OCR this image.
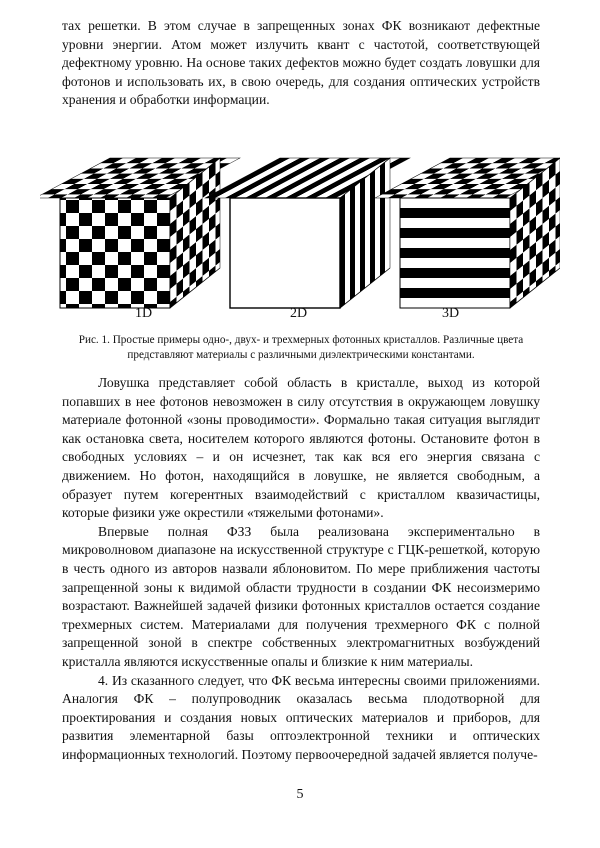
тах решетки. В этом случае в запрещенных зонах ФК возникают дефектные уровни энергии. Атом может излучить квант с частотой, соответствующей дефектному уровню. На основе таких дефектов можно будет создать ловушки для фотонов и использовать их, в свою очередь, для создания оптических устройств хранения и обработки информации.

1D	2D	3D

Рис. 1. Простые примеры одно-, двух- и трехмерных фотонных кристаллов. Различные цвета представляют материалы с различными диэлектрическими константами.

Ловушка представляет собой область в кристалле, выход из которой попавших в нее фотонов невозможен в силу отсутствия в окружающем ловушку материале фотонной «зоны проводимости». Формально такая ситуация выглядит как остановка света, носителем которого являются фотоны. Остановите фотон в свободных условиях – и он исчезнет, так как вся его энергия связана с движением. Но фотон, находящийся в ловушке, не является свободным, а образует путем когерентных взаимодействий с кристаллом квазичастицы, которые физики уже окрестили «тяжелыми фотонами».

Впервые полная ФЗЗ была реализована экспериментально в микроволновом диапазоне на искусственной структуре с ГЦК-решеткой, которую в честь одного из авторов назвали яблоновитом. По мере приближения частоты запрещенной зоны к видимой области трудности в создании ФК несоизмеримо возрастают. Важнейшей задачей физики фотонных кристаллов остается создание трехмерных систем. Материалами для получения трехмерного ФК с полной запрещенной зоной в спектре собственных электромагнитных возбуждений кристалла являются искусственные опалы и близкие к ним материалы.

4. Из сказанного следует, что ФК весьма интересны своими приложениями. Аналогия ФК – полупроводник оказалась весьма плодотворной для проектирования и создания новых оптических материалов и приборов, для развития элементарной базы оптоэлектронной техники и оптических информационных технологий. Поэтому первоочередной задачей является получе-

5
